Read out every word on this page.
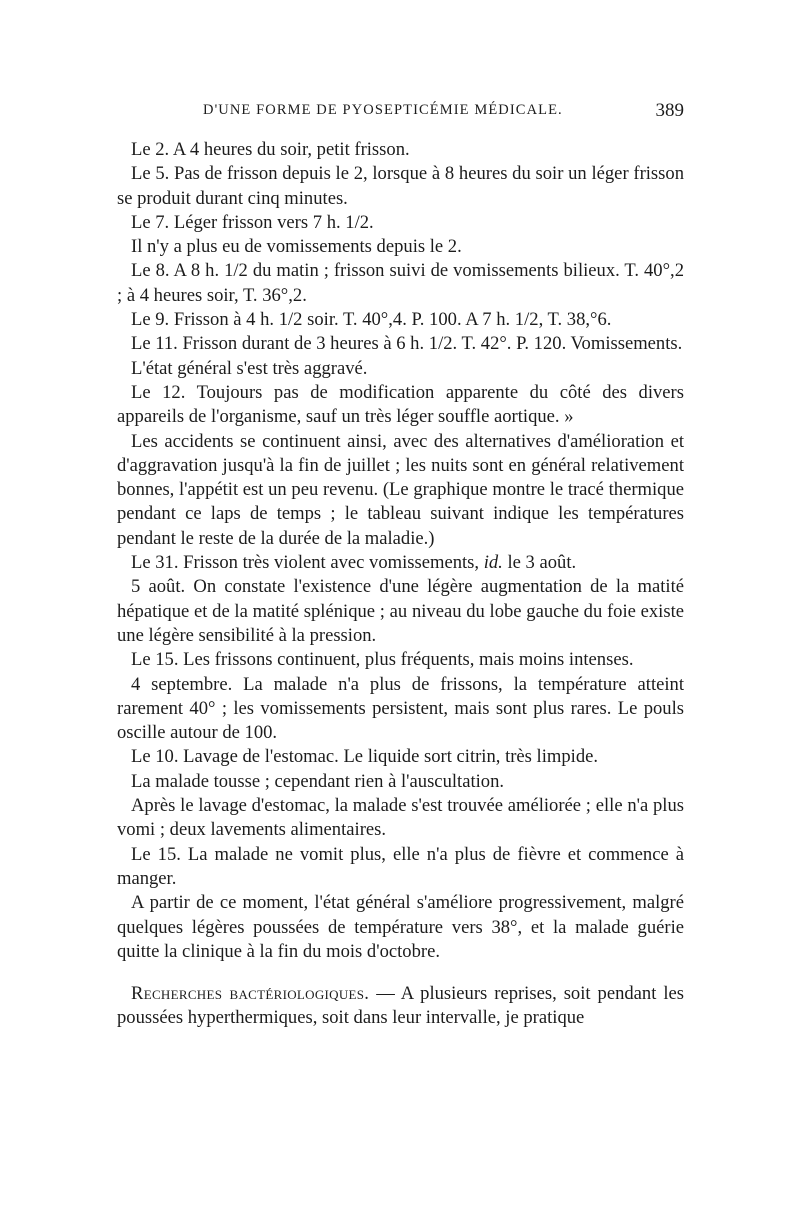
D'UNE FORME DE PYOSEPTICÉMIE MÉDICALE.	389

Le 2. A 4 heures du soir, petit frisson.

Le 5. Pas de frisson depuis le 2, lorsque à 8 heures du soir un léger frisson se produit durant cinq minutes.

Le 7. Léger frisson vers 7 h. 1/2.

Il n'y a plus eu de vomissements depuis le 2.

Le 8. A 8 h. 1/2 du matin ; frisson suivi de vomissements bilieux. T. 40°,2 ; à 4 heures soir, T. 36°,2.

Le 9. Frisson à 4 h. 1/2 soir. T. 40°,4. P. 100. A 7 h. 1/2, T. 38,°6.

Le 11. Frisson durant de 3 heures à 6 h. 1/2. T. 42°. P. 120. Vomissements.

L'état général s'est très aggravé.

Le 12. Toujours pas de modification apparente du côté des divers appareils de l'organisme, sauf un très léger souffle aortique. »

Les accidents se continuent ainsi, avec des alternatives d'amélioration et d'aggravation jusqu'à la fin de juillet ; les nuits sont en général relativement bonnes, l'appétit est un peu revenu. (Le graphique montre le tracé thermique pendant ce laps de temps ; le tableau suivant indique les températures pendant le reste de la durée de la maladie.)

Le 31. Frisson très violent avec vomissements, id. le 3 août.

5 août. On constate l'existence d'une légère augmentation de la matité hépatique et de la matité splénique ; au niveau du lobe gauche du foie existe une légère sensibilité à la pression.

Le 15. Les frissons continuent, plus fréquents, mais moins intenses.

4 septembre. La malade n'a plus de frissons, la température atteint rarement 40° ; les vomissements persistent, mais sont plus rares. Le pouls oscille autour de 100.

Le 10. Lavage de l'estomac. Le liquide sort citrin, très limpide.

La malade tousse ; cependant rien à l'auscultation.

Après le lavage d'estomac, la malade s'est trouvée améliorée ; elle n'a plus vomi ; deux lavements alimentaires.

Le 15. La malade ne vomit plus, elle n'a plus de fièvre et commence à manger.

A partir de ce moment, l'état général s'améliore progressivement, malgré quelques légères poussées de température vers 38°, et la malade guérie quitte la clinique à la fin du mois d'octobre.

Recherches bactériologiques. — A plusieurs reprises, soit pendant les poussées hyperthermiques, soit dans leur intervalle, je pratique
